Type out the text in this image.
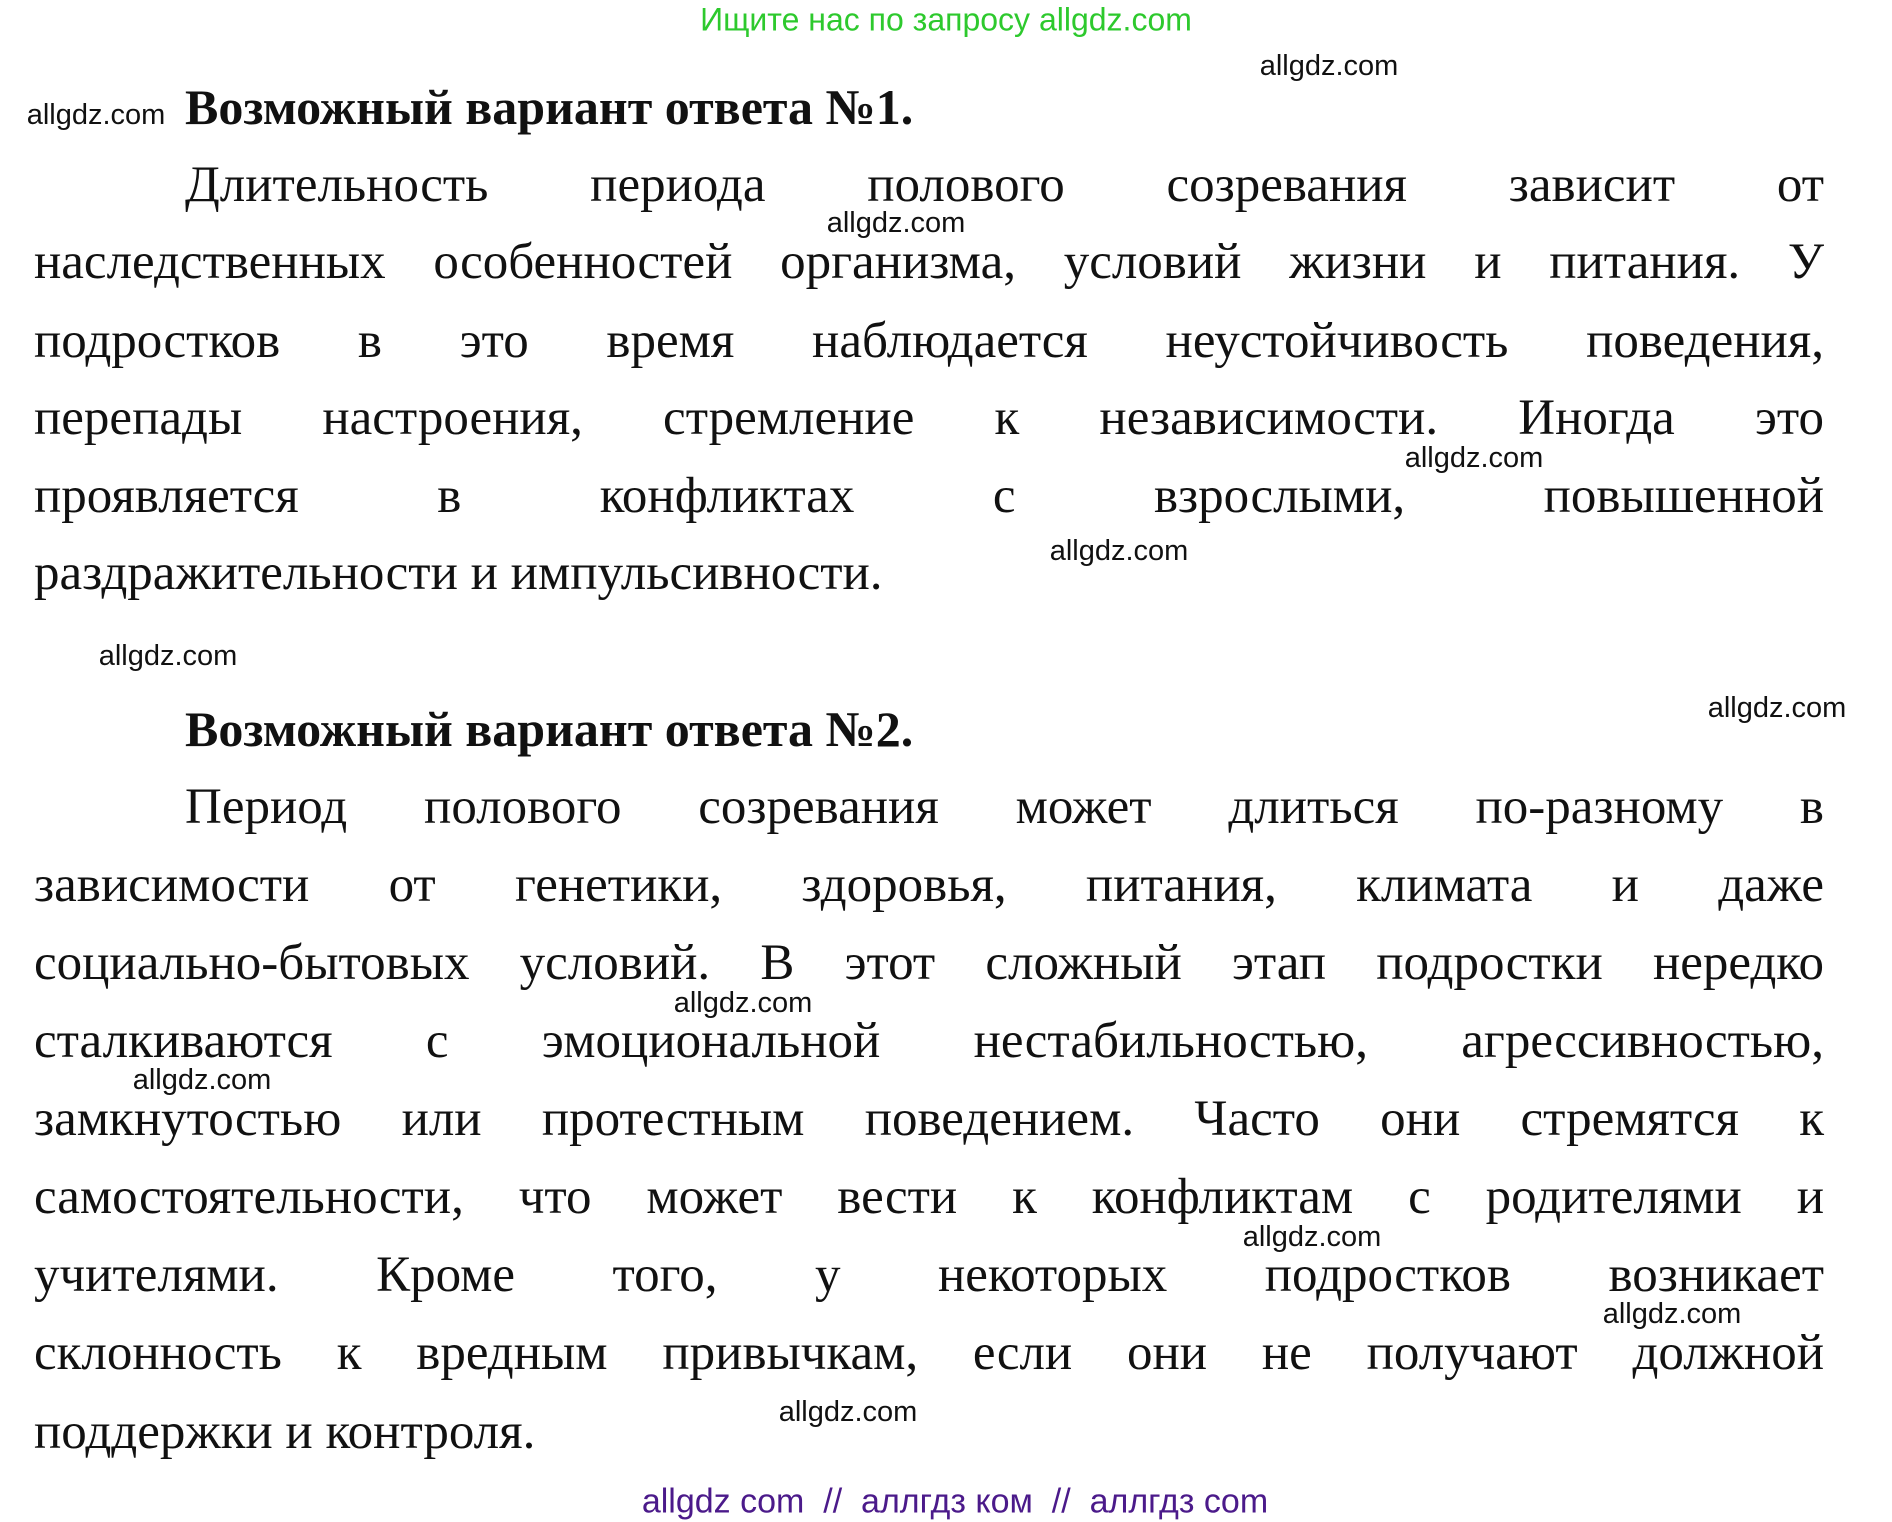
Ищите нас по запросу allgdz.com
Возможный вариант ответа №1.
Длительность периода полового созревания зависит от
наследственных особенностей организма, условий жизни и питания. У
подростков в это время наблюдается неустойчивость поведения,
перепады настроения, стремление к независимости. Иногда это
проявляется в конфликтах с взрослыми, повышенной
раздражительности и импульсивности.
Возможный вариант ответа №2.
Период полового созревания может длиться по-разному в
зависимости от генетики, здоровья, питания, климата и даже
социально-бытовых условий. В этот сложный этап подростки нередко
сталкиваются с эмоциональной нестабильностью, агрессивностью,
замкнутостью или протестным поведением. Часто они стремятся к
самостоятельности, что может вести к конфликтам с родителями и
учителями. Кроме того, у некоторых подростков возникает
склонность к вредным привычкам, если они не получают должной
поддержки и контроля.
allgdz.com
allgdz.com
allgdz.com
allgdz.com
allgdz.com
allgdz.com
allgdz.com
allgdz.com
allgdz.com
allgdz.com
allgdz.com
allgdz.com
allgdz com  //  аллгдз ком  //  аллгдз com
